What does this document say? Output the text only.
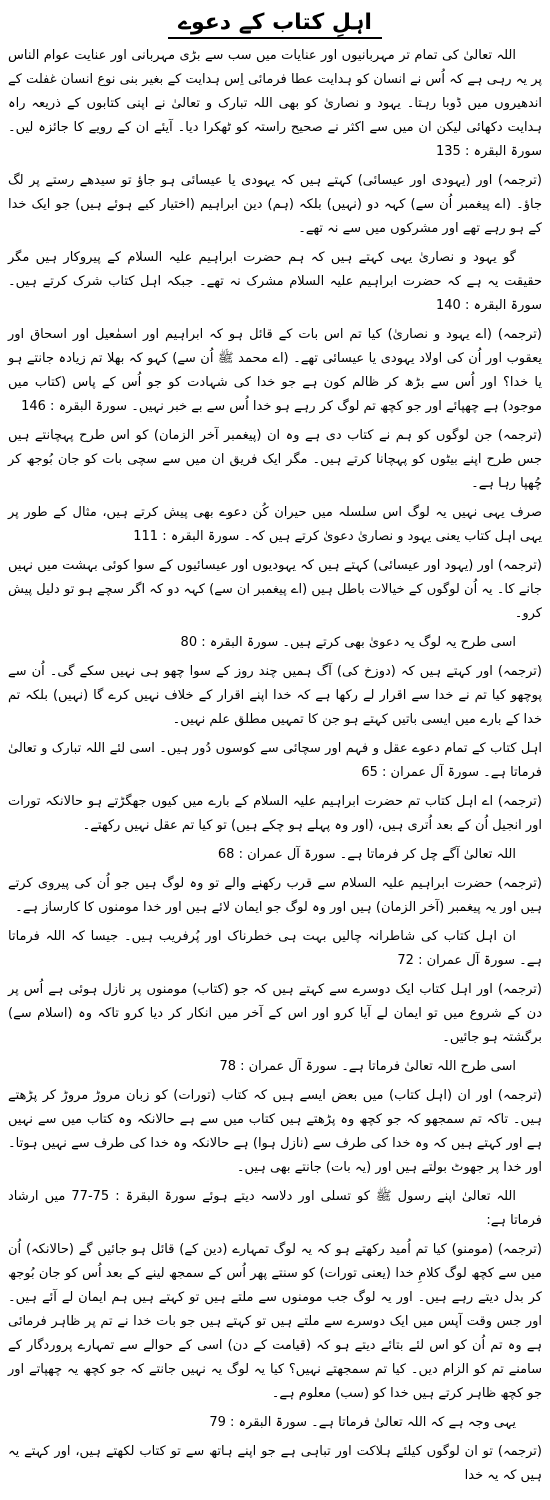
اہلِ کتاب کے دعوے
اللہ تعالیٰ کی تمام تر مہربانیوں اور عنایات میں سب سے بڑی مہربانی اور عنایت عوام الناس پر یہ رہی ہے کہ اُس نے انسان کو ہدایت عطا فرمائی اِس ہدایت کے بغیر بنی نوع انسان غفلت کے اندھیروں میں ڈوبا رہتا۔ یہود و نصاریٰ کو بھی اللہ تبارک و تعالیٰ نے اپنی کتابوں کے ذریعہ راہ ہدایت دکھائی لیکن ان میں سے اکثر نے صحیح راستہ کو ٹھکرا دیا۔ آیئے ان کے رویے کا جائزہ لیں۔ سورۃ البقرہ : 135
(ترجمہ) اور (یہودی اور عیسائی) کہتے ہیں کہ یہودی یا عیسائی ہو جاؤ تو سیدھے رستے پر لگ جاؤ۔ (اے پیغمبر اُن سے) کہہ دو (نہیں) بلکہ (ہم) دین ابراہیم (اختیار کیے ہوئے ہیں) جو ایک خدا کے ہو رہے تھے اور مشرکوں میں سے نہ تھے۔
گو یہود و نصاریٰ یہی کہتے ہیں کہ ہم حضرت ابراہیم علیہ السلام کے پیروکار ہیں مگر حقیقت یہ ہے کہ حضرت ابراہیم علیہ السلام مشرک نہ تھے۔ جبکہ اہل کتاب شرک کرتے ہیں۔ سورۃ البقرہ : 140
(ترجمہ) (اے یہود و نصاریٰ) کیا تم اس بات کے قائل ہو کہ ابراہیم اور اسمٰعیل اور اسحاق اور یعقوب اور اُن کی اولاد یہودی یا عیسائی تھے۔ (اے محمد ﷺ اُن سے) کہو کہ بھلا تم زیادہ جانتے ہو یا خدا؟ اور اُس سے بڑھ کر ظالم کون ہے جو خدا کی شہادت کو جو اُس کے پاس (کتاب میں موجود) ہے چھپائے اور جو کچھ تم لوگ کر رہے ہو خدا اُس سے بے خبر نہیں۔ سورۃ البقرہ : 146
(ترجمہ) جن لوگوں کو ہم نے کتاب دی ہے وہ ان (پیغمبر آخر الزمان) کو اس طرح پہچانتے ہیں جس طرح اپنے بیٹوں کو پہچانا کرتے ہیں۔ مگر ایک فریق ان میں سے سچی بات کو جان بُوجھ کر چُھپا رہا ہے۔
صرف یہی نہیں یہ لوگ اس سلسلہ میں حیران کُن دعوے بھی پیش کرتے ہیں، مثال کے طور پر یہی اہل کتاب یعنی یہود و نصاریٰ دعویٰ کرتے ہیں کہ۔ سورۃ البقرہ : 111
(ترجمہ) اور (یہود اور عیسائی) کہتے ہیں کہ یہودیوں اور عیسائیوں کے سوا کوئی بہشت میں نہیں جانے کا۔ یہ اُن لوگوں کے خیالات باطل ہیں (اے پیغمبر ان سے) کہہ دو کہ اگر سچے ہو تو دلیل پیش کرو۔
اسی طرح یہ لوگ یہ دعویٰ بھی کرتے ہیں۔ سورۃ البقرہ : 80
(ترجمہ) اور کہتے ہیں کہ (دوزخ کی) آگ ہمیں چند روز کے سوا چھو ہی نہیں سکے گی۔ اُن سے پوچھو کیا تم نے خدا سے اقرار لے رکھا ہے کہ خدا اپنے اقرار کے خلاف نہیں کرے گا (نہیں) بلکہ تم خدا کے بارے میں ایسی باتیں کہتے ہو جن کا تمہیں مطلق علم نہیں۔
اہل کتاب کے تمام دعوے عقل و فہم اور سچائی سے کوسوں دُور ہیں۔ اسی لئے اللہ تبارک و تعالیٰ فرماتا ہے۔ سورۃ آل عمران : 65
(ترجمہ) اے اہل کتاب تم حضرت ابراہیم علیہ السلام کے بارے میں کیوں جھگڑتے ہو حالانکہ تورات اور انجیل اُن کے بعد اُتری ہیں، (اور وہ پہلے ہو چکے ہیں) تو کیا تم عقل نہیں رکھتے۔
اللہ تعالیٰ آگے چل کر فرماتا ہے۔ سورۃ آل عمران : 68
(ترجمہ) حضرت ابراہیم علیہ السلام سے قرب رکھنے والے تو وہ لوگ ہیں جو اُن کی پیروی کرتے ہیں اور یہ پیغمبر (آخر الزمان) ہیں اور وہ لوگ جو ایمان لائے ہیں اور خدا مومنوں کا کارساز ہے۔
ان اہل کتاب کی شاطرانہ چالیں بہت ہی خطرناک اور پُرفریب ہیں۔ جیسا کہ اللہ فرماتا ہے۔ سورۃ آل عمران : 72
(ترجمہ) اور اہل کتاب ایک دوسرے سے کہتے ہیں کہ جو (کتاب) مومنوں پر نازل ہوئی ہے اُس پر دن کے شروع میں تو ایمان لے آیا کرو اور اس کے آخر میں انکار کر دیا کرو تاکہ وہ (اسلام سے) برگشتہ ہو جائیں۔
اسی طرح اللہ تعالیٰ فرماتا ہے۔ سورۃ آل عمران : 78
(ترجمہ) اور ان (اہل کتاب) میں بعض ایسے ہیں کہ کتاب (تورات) کو زبان مروڑ مروڑ کر پڑھتے ہیں۔ تاکہ تم سمجھو کہ جو کچھ وہ پڑھتے ہیں کتاب میں سے ہے حالانکہ وہ کتاب میں سے نہیں ہے اور کہتے ہیں کہ وہ خدا کی طرف سے (نازل ہوا) ہے حالانکہ وہ خدا کی طرف سے نہیں ہوتا۔ اور خدا پر جھوٹ بولتے ہیں اور (یہ بات) جانتے بھی ہیں۔
اللہ تعالیٰ اپنے رسول ﷺ کو تسلی اور دلاسہ دیتے ہوئے سورۃ البقرۃ : 75-77 میں ارشاد فرماتا ہے:
(ترجمہ) (مومنو) کیا تم اُمید رکھتے ہو کہ یہ لوگ تمہارے (دین کے) قائل ہو جائیں گے (حالانکہ) اُن میں سے کچھ لوگ کلامِ خدا (یعنی تورات) کو سنتے پھر اُس کے سمجھ لینے کے بعد اُس کو جان بُوجھ کر بدل دیتے رہے ہیں۔ اور یہ لوگ جب مومنوں سے ملتے ہیں تو کہتے ہیں ہم ایمان لے آئے ہیں۔ اور جس وقت آپس میں ایک دوسرے سے ملتے ہیں تو کہتے ہیں جو بات خدا نے تم پر ظاہر فرمائی ہے وہ تم اُن کو اس لئے بتائے دیتے ہو کہ (قیامت کے دن) اسی کے حوالے سے تمہارے پروردگار کے سامنے تم کو الزام دیں۔ کیا تم سمجھتے نہیں؟ کیا یہ لوگ یہ نہیں جانتے کہ جو کچھ یہ چھپاتے اور جو کچھ ظاہر کرتے ہیں خدا کو (سب) معلوم ہے۔
یہی وجہ ہے کہ اللہ تعالیٰ فرماتا ہے۔ سورۃ البقرہ : 79
(ترجمہ) تو ان لوگوں کیلئے ہلاکت اور تباہی ہے جو اپنے ہاتھ سے تو کتاب لکھتے ہیں، اور کہتے یہ ہیں کہ یہ خدا
